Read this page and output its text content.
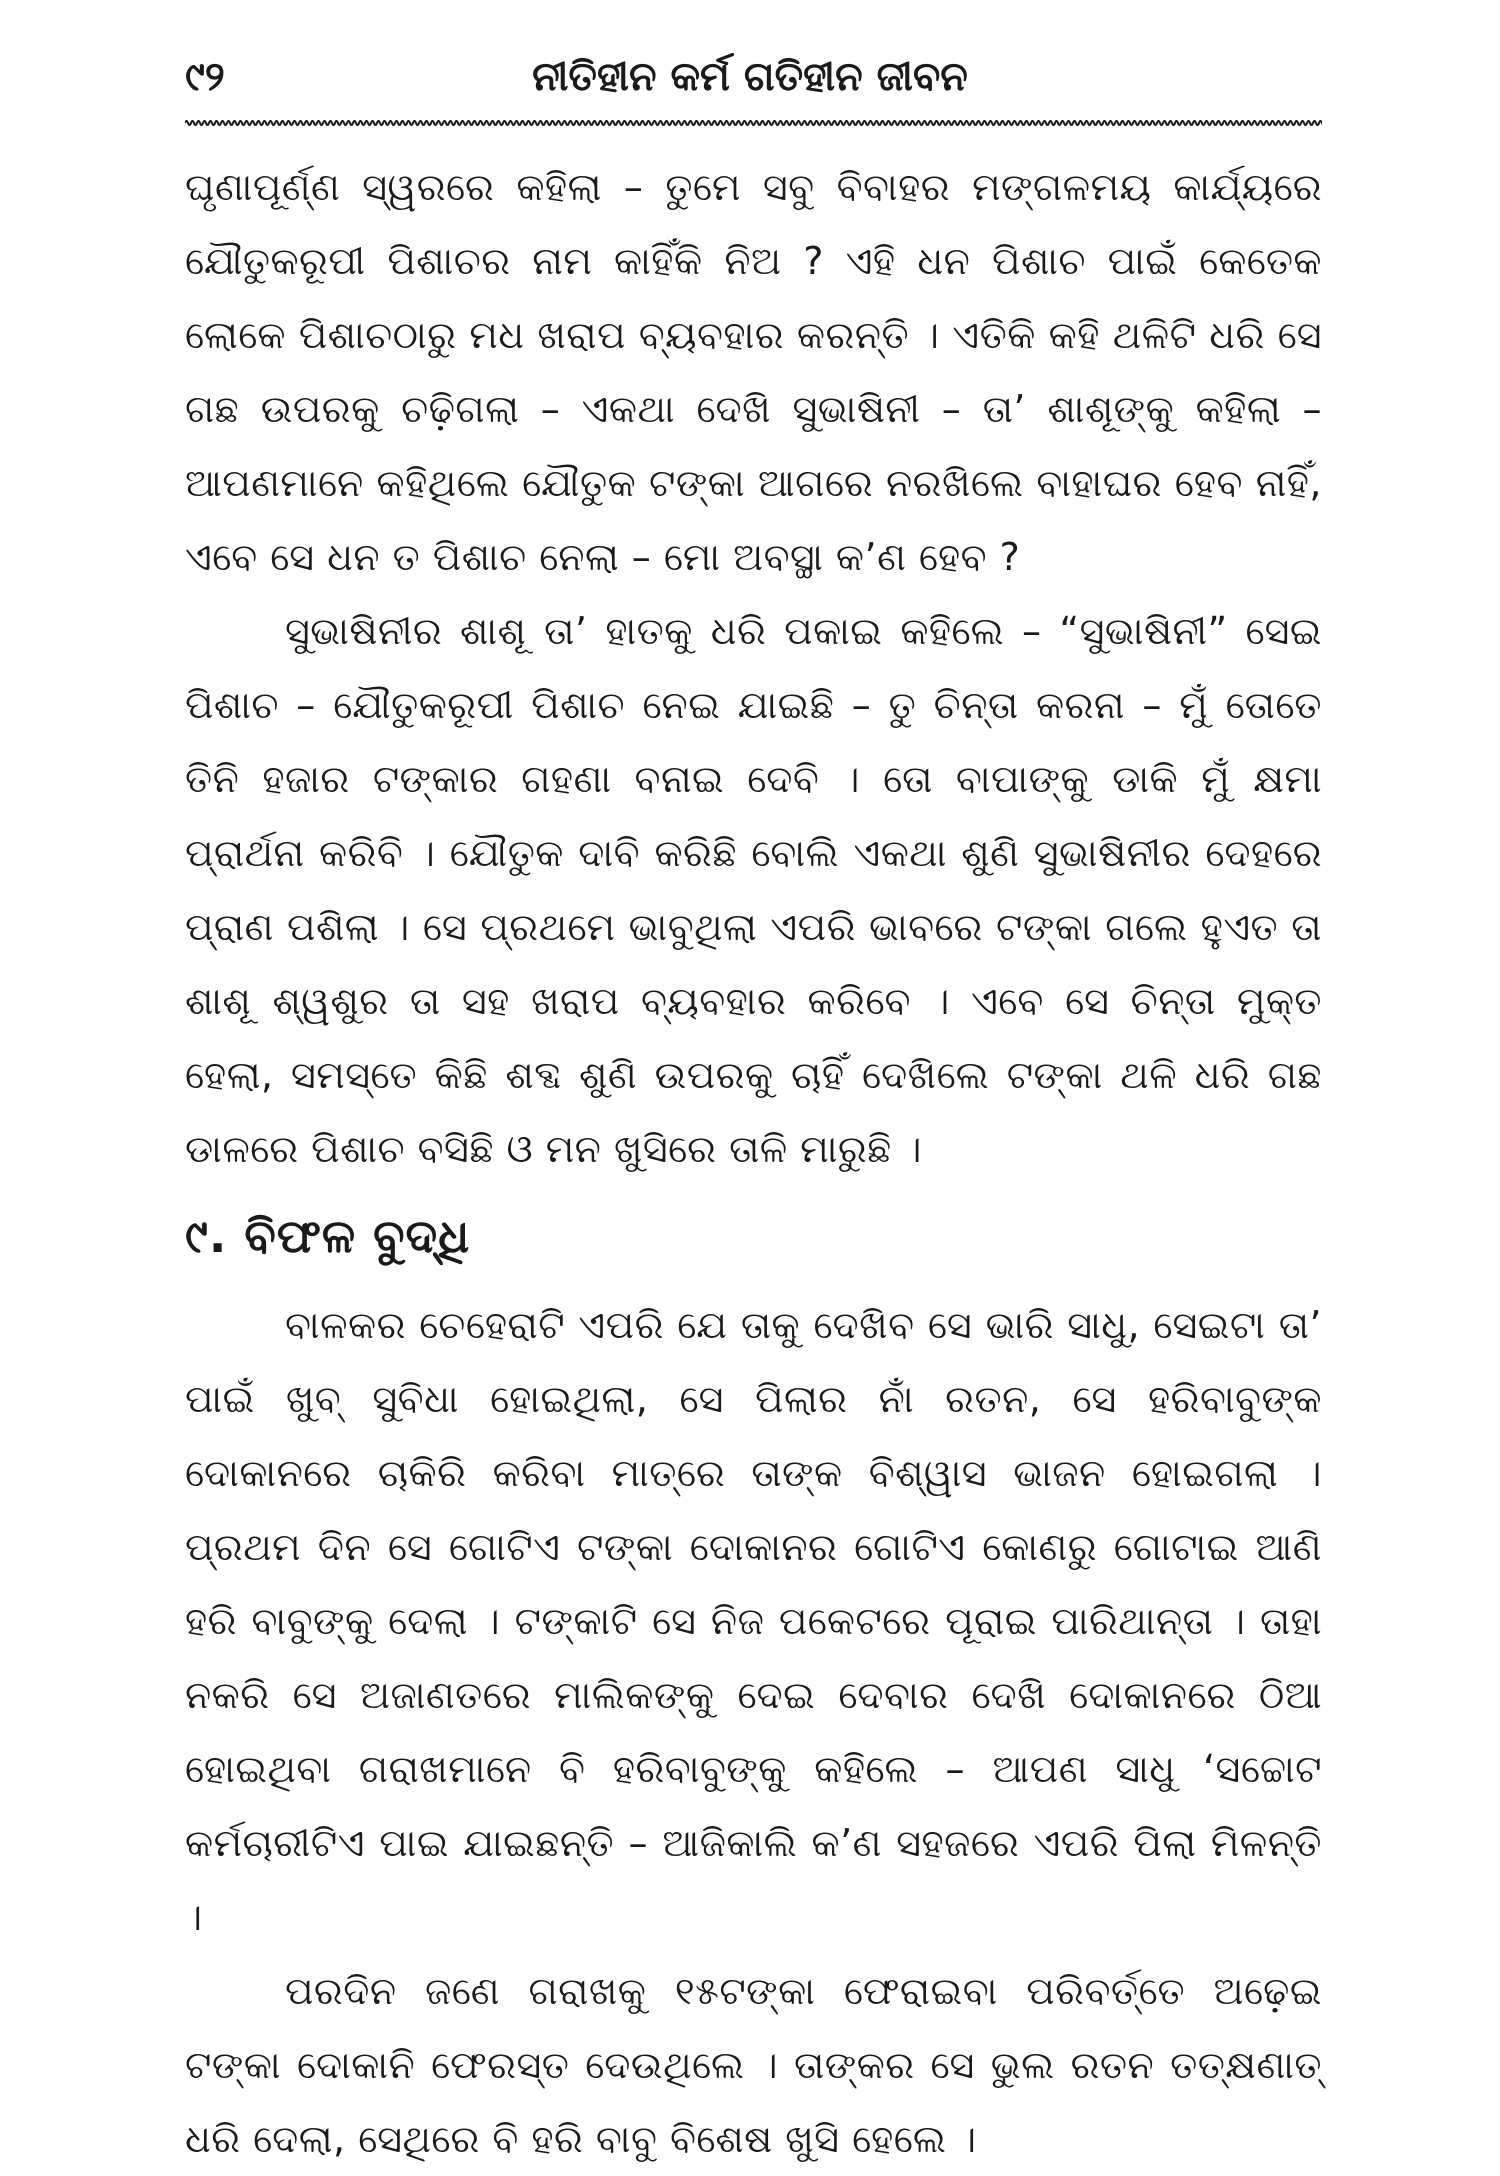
୯୨	ନୀତିହୀନ କର୍ମ ଗତିହୀନ ଜୀବନ

ଘୃଣାପୂର୍ଣ୍ଣ ସ୍ୱରରେ କହିଲା – ତୁମେ ସବୁ ବିବାହର ମଙ୍ଗଳମୟ କାର୍ଯ୍ୟରେ ଯୌତୁକରୂପୀ ପିଶାଚର ନାମ କାହିଁକି ନିଅ ? ଏହି ଧନ ପିଶାଚ ପାଇଁ କେତେକ ଲୋକେ ପିଶାଚଠାରୁ ମଧ ଖରାପ ବ୍ୟବହାର କରନ୍ତି । ଏତିକି କହି ଥଳିଟି ଧରି ସେ ଗଛ ଉପରକୁ ଚଢ଼ିଗଲା – ଏକଥା ଦେଖି ସୁଭାଷିନୀ – ତା’ ଶାଶୂଙ୍କୁ କହିଲା – ଆପଣମାନେ କହିଥିଲେ ଯୌତୁକ ଟଙ୍କା ଆଗରେ ନରଖିଲେ ବାହାଘର ହେବ ନାହିଁ, ଏବେ ସେ ଧନ ତ ପିଶାଚ ନେଲା – ମୋ ଅବସ୍ଥା କ’ଣ ହେବ ?

ସୁଭାଷିନୀର ଶାଶୂ ତା’ ହାତକୁ ଧରି ପକାଇ କହିଲେ – “ସୁଭାଷିନୀ” ସେଇ ପିଶାଚ – ଯୌତୁକରୂପୀ ପିଶାଚ ନେଇ ଯାଇଛି – ତୁ ଚିନ୍ତା କରନା – ମୁଁ ତୋତେ ତିନି ହଜାର ଟଙ୍କାର ଗହଣା ବନାଇ ଦେବି । ତୋ ବାପାଙ୍କୁ ଡାକି ମୁଁ କ୍ଷମା ପ୍ରାର୍ଥନା କରିବି । ଯୌତୁକ ଦାବି କରିଛି ବୋଲି ଏକଥା ଶୁଣି ସୁଭାଷିନୀର ଦେହରେ ପ୍ରାଣ ପଶିଲା । ସେ ପ୍ରଥମେ ଭାବୁଥିଲା ଏପରି ଭାବରେ ଟଙ୍କା ଗଲେ ହୁଏତ ତା ଶାଶୂ ଶ୍ୱଶୁର ତା ସହ ଖରାପ ବ୍ୟବହାର କରିବେ । ଏବେ ସେ ଚିନ୍ତା ମୁକ୍ତ ହେଲା, ସମସ୍ତେ କିଛି ଶବ୍ଦ ଶୁଣି ଉପରକୁ ଚାହିଁ ଦେଖିଲେ ଟଙ୍କା ଥଳି ଧରି ଗଛ ଡାଳରେ ପିଶାଚ ବସିଛି ଓ ମନ ଖୁସିରେ ତାଳି ମାରୁଛି ।

୯. ବିଫଳ ବୁଦ୍ଧି

ବାଳକର ଚେହେରାଟି ଏପରି ଯେ ତାକୁ ଦେଖିବ ସେ ଭାରି ସାଧୁ, ସେଇଟା ତା’ ପାଇଁ ଖୁବ୍ ସୁବିଧା ହୋଇଥିଲା, ସେ ପିଲାର ନାଁ ରତନ, ସେ ହରିବାବୁଙ୍କ ଦୋକାନରେ ଚାକିରି କରିବା ମାତ୍ରେ ତାଙ୍କ ବିଶ୍ୱାସ ଭାଜନ ହୋଇଗଲା । ପ୍ରଥମ ଦିନ ସେ ଗୋଟିଏ ଟଙ୍କା ଦୋକାନର ଗୋଟିଏ କୋଣରୁ ଗୋଟାଇ ଆଣି ହରି ବାବୁଙ୍କୁ ଦେଲା । ଟଙ୍କାଟି ସେ ନିଜ ପକେଟରେ ପୂରାଇ ପାରିଥାନ୍ତା । ତାହା ନକରି ସେ ଅଜାଣତରେ ମାଲିକଙ୍କୁ ଦେଇ ଦେବାର ଦେଖି ଦୋକାନରେ ଠିଆ ହୋଇଥିବା ଗରାଖମାନେ ବି ହରିବାବୁଙ୍କୁ କହିଲେ – ଆପଣ ସାଧୁ ‘ସଚ୍ଚୋଟ କର୍ମଚାରୀଟିଏ ପାଇ ଯାଇଛନ୍ତି – ଆଜିକାଲି କ’ଣ ସହଜରେ ଏପରି ପିଲା ମିଳନ୍ତି ।

ପରଦିନ ଜଣେ ଗରାଖକୁ ୧୫ଟଙ୍କା ଫେରାଇବା ପରିବର୍ତ୍ତେ ଅଢ଼େଇ ଟଙ୍କା ଦୋକାନି ଫେରସ୍ତ ଦେଉଥିଲେ । ତାଙ୍କର ସେ ଭୁଲ ରତନ ତତ୍‌କ୍ଷଣାତ୍ ଧରି ଦେଲା, ସେଥିରେ ବି ହରି ବାବୁ ବିଶେଷ ଖୁସି ହେଲେ ।
